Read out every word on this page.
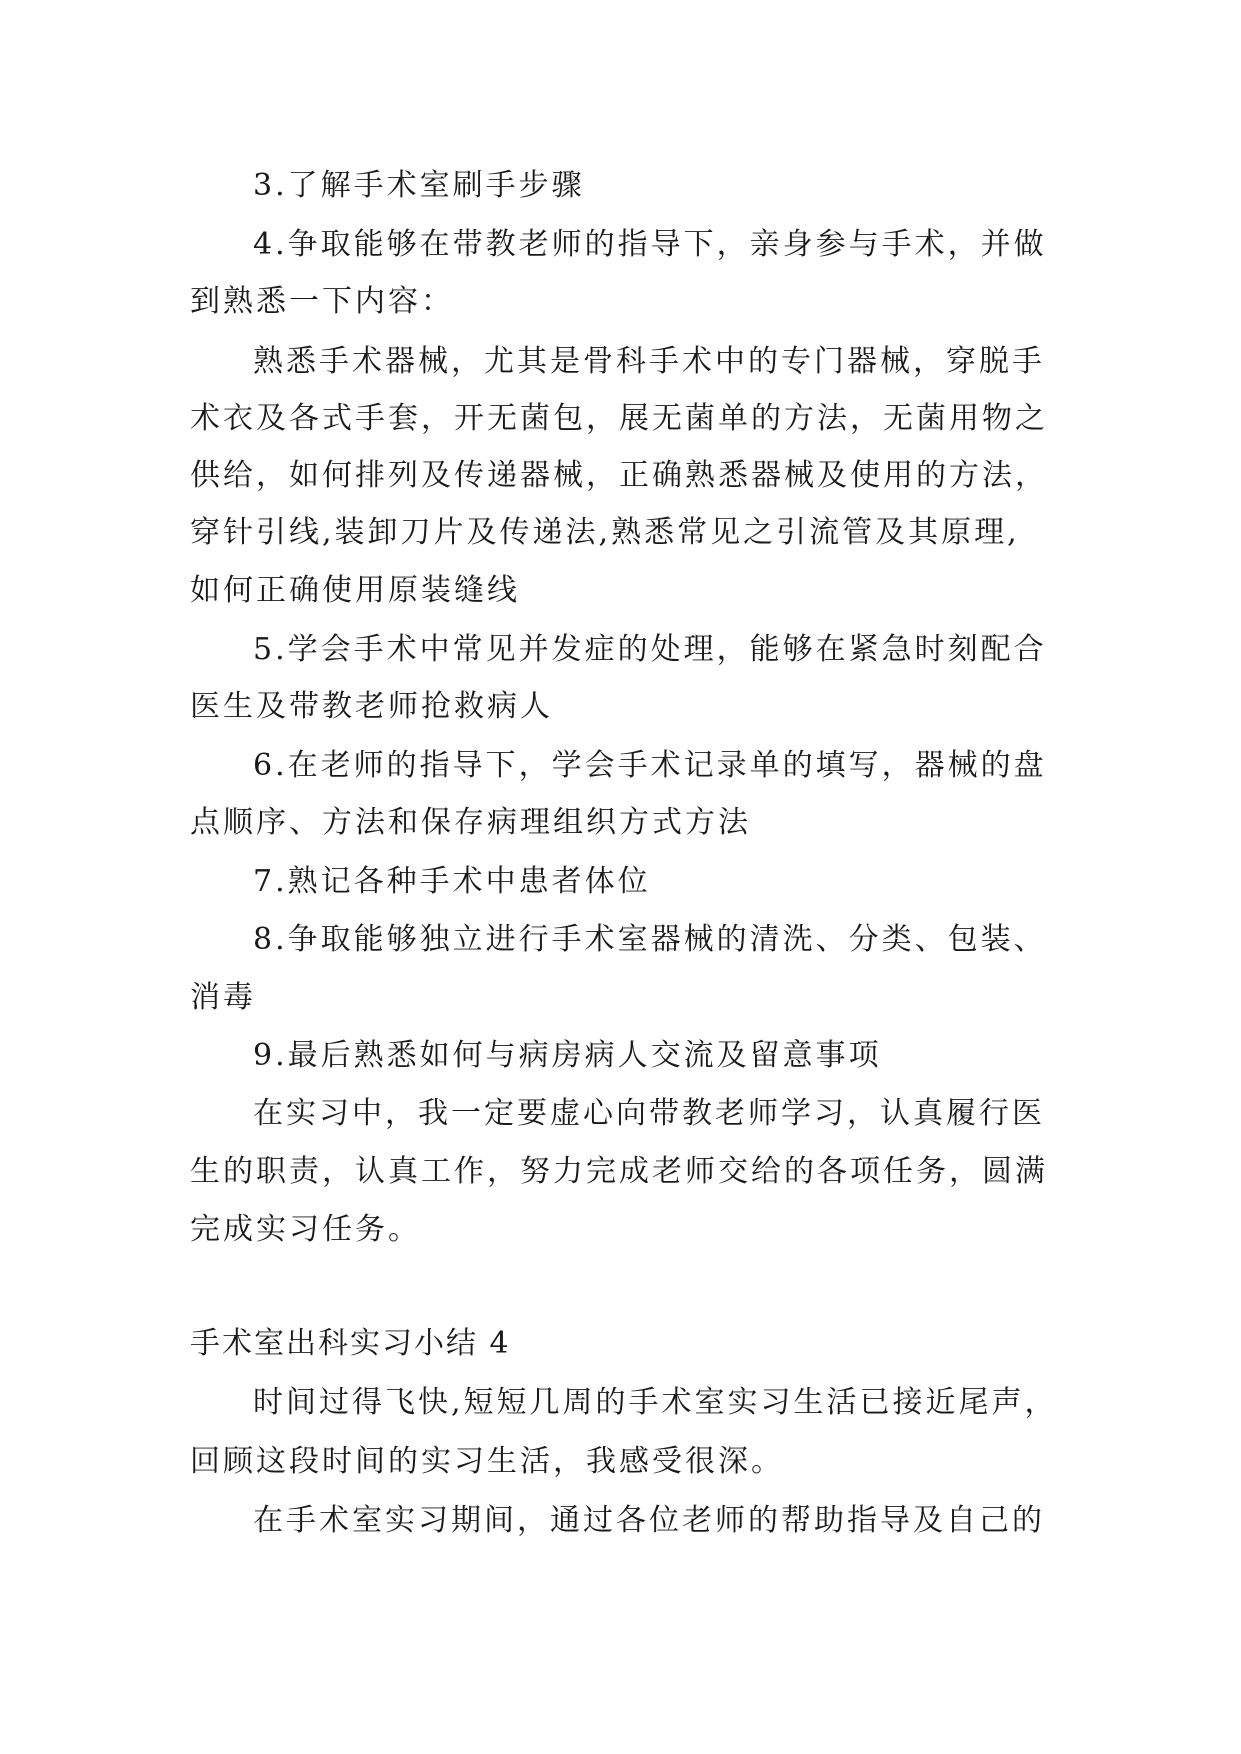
3.了解手术室刷手步骤
4.争取能够在带教老师的指导下，亲身参与手术，并做
到熟悉一下内容：
熟悉手术器械，尤其是骨科手术中的专门器械，穿脱手
术衣及各式手套，开无菌包，展无菌单的方法，无菌用物之
供给，如何排列及传递器械，正确熟悉器械及使用的方法，
穿针引线,装卸刀片及传递法,熟悉常见之引流管及其原理,
如何正确使用原装缝线
5.学会手术中常见并发症的处理，能够在紧急时刻配合
医生及带教老师抢救病人
6.在老师的指导下，学会手术记录单的填写，器械的盘
点顺序、方法和保存病理组织方式方法
7.熟记各种手术中患者体位
8.争取能够独立进行手术室器械的清洗、分类、包装、
消毒
9.最后熟悉如何与病房病人交流及留意事项
在实习中，我一定要虚心向带教老师学习，认真履行医
生的职责，认真工作，努力完成老师交给的各项任务，圆满
完成实习任务。
手术室出科实习小结 4
时间过得飞快,短短几周的手术室实习生活已接近尾声，
回顾这段时间的实习生活，我感受很深。
在手术室实习期间，通过各位老师的帮助指导及自己的
